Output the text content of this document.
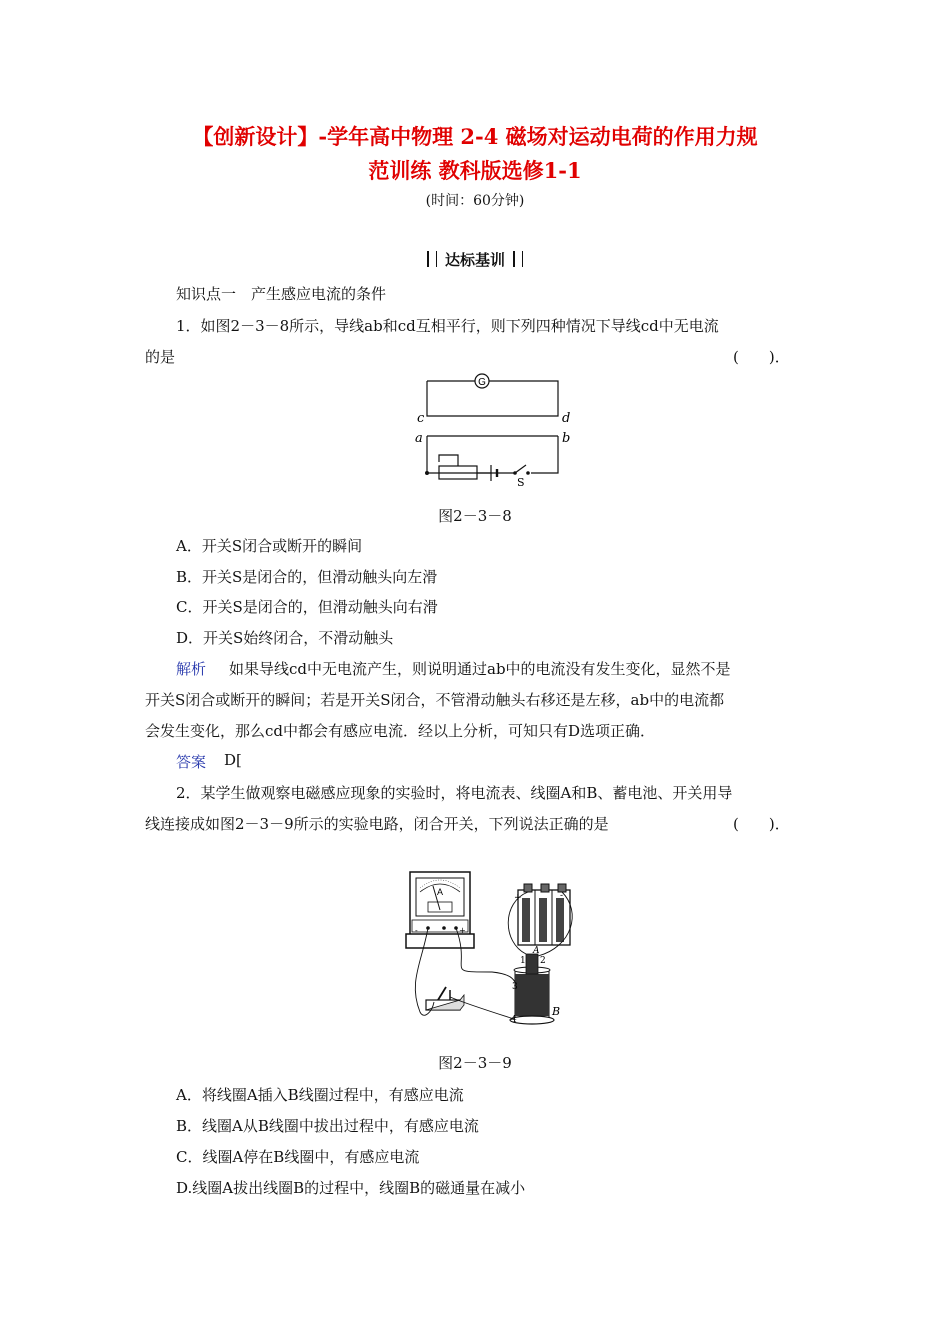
【创新设计】-学年高中物理 2-4 磁场对运动电荷的作用力规
范训练 教科版选修1-1
(时间：60分钟)
达标基训
知识点一　产生感应电流的条件
1．如图2－3－8所示，导线ab和cd互相平行，则下列四种情况下导线cd中无电流
的是	(　　)．
G
c	d
a	b
S
图2－3－8
A．开关S闭合或断开的瞬间
B．开关S是闭合的，但滑动触头向左滑
C．开关S是闭合的，但滑动触头向右滑
D．开关S始终闭合，不滑动触头
解析 如果导线cd中无电流产生，则说明通过ab中的电流没有发生变化，显然不是
开关S闭合或断开的瞬间；若是开关S闭合，不管滑动触头右移还是左移，ab中的电流都
会发生变化，那么cd中都会有感应电流．经以上分析，可知只有D选项正确．
答案 D[
2．某学生做观察电磁感应现象的实验时，将电流表、线圈A和B、蓄电池、开关用导
线连接成如图2－3－9所示的实验电路，闭合开关，下列说法正确的是	(　　)．
A
-	+
+	-
A
B
1 2
3
4
图2－3－9
A．将线圈A插入B线圈过程中，有感应电流
B．线圈A从B线圈中拔出过程中，有感应电流
C．线圈A停在B线圈中，有感应电流
D.线圈A拔出线圈B的过程中，线圈B的磁通量在减小
